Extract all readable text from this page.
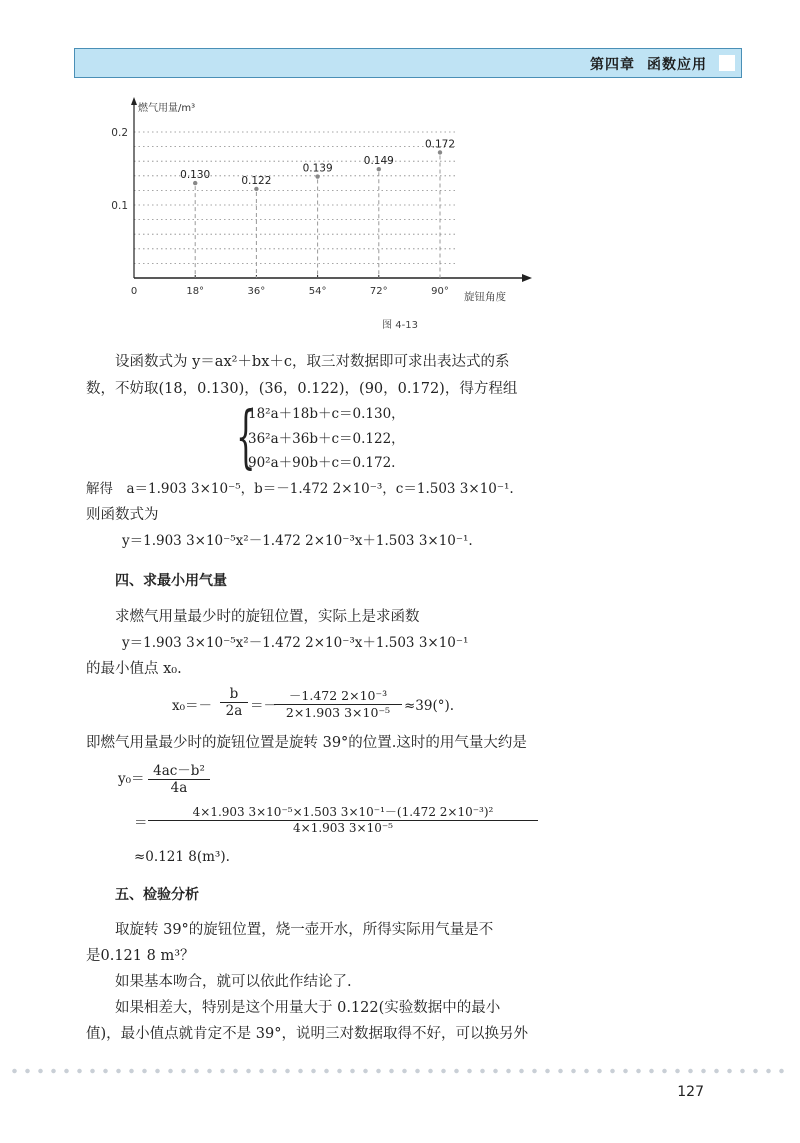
第四章 函数应用
燃气用量/m³
旋钮角度
0.1
0.2
0	18°	36°	54°	72°	90°
0.130	0.122
0.139
0.149
0.172
图 4-13
设函数式为 y＝ax²＋bx＋c，取三对数据即可求出表达式的系
数，不妨取(18，0.130)，(36，0.122)，(90，0.172)，得方程组
{
18²a＋18b＋c＝0.130，
36²a＋36b＋c＝0.122，
90²a＋90b＋c＝0.172.
解得　a＝1.903 3×10⁻⁵，b＝－1.472 2×10⁻³，c＝1.503 3×10⁻¹.
则函数式为
y＝1.903 3×10⁻⁵x²－1.472 2×10⁻³x＋1.503 3×10⁻¹.
四、求最小用气量
求燃气用量最少时的旋钮位置，实际上是求函数
y＝1.903 3×10⁻⁵x²－1.472 2×10⁻³x＋1.503 3×10⁻¹
的最小值点 x₀.
$x_0=- \frac{b}{2a}$ ＝－
$\frac{\text{－1.472 2×10⁻³}}{\text{2×1.903 3×10⁻⁵}} \approx 39(^\circ)$.
即燃气用量最少时的旋钮位置是旋转 39°的位置.这时的用气量大约是
$y_0= \frac{\text{4ac－b²}}{4a}$
＝ $\frac{\text{4×1.903 3×10⁻⁵×1.503 3×10⁻¹－(1.472 2×10⁻³)²}}{\text{4×1.903 3×10⁻⁵}}$
≈0.121 8(m³).
五、检验分析
取旋转 39°的旋钮位置，烧一壶开水，所得实际用气量是不
是0.121 8 m³？
如果基本吻合，就可以依此作结论了.
如果相差大，特别是这个用量大于 0.122(实验数据中的最小
值)，最小值点就肯定不是 39°，说明三对数据取得不好，可以换另外
127
